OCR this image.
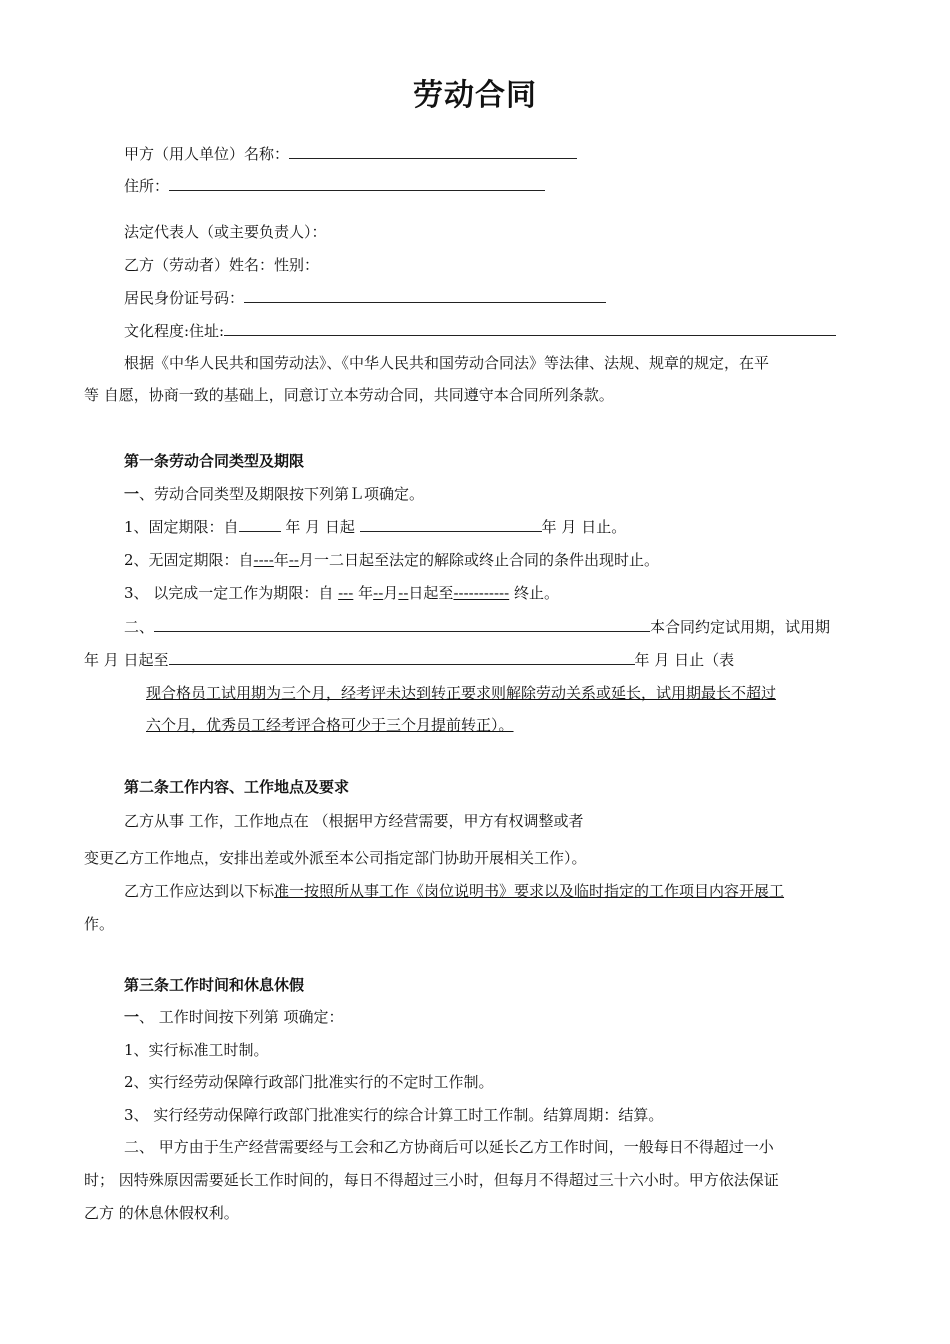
劳动合同
甲方（用人单位）名称：
住所：
法定代表人（或主要负责人）：
乙方（劳动者）姓名：性别：
居民身份证号码：
文化程度:住址:
根据《中华人民共和国劳动法》、《中华人民共和国劳动合同法》等法律、法规、规章的规定，在平
等 自愿，协商一致的基础上，同意订立本劳动合同，共同遵守本合同所列条款。
第一条劳动合同类型及期限
一、劳动合同类型及期限按下列第Ｌ项确定。
1、固定期限：自	年 月 日起	年 月 日止。
2、无固定期限：自----年--月一二日起至法定的解除或终止合同的条件出现时止。
3、 以完成一定工作为期限：自 --- 年--月--日起至----------- 终止。
二、	本合同约定试用期，试用期
年 月 日起至	年 月 日止（表
现合格员工试用期为三个月，经考评未达到转正要求则解除劳动关系或延长，试用期最长不超过
六个月，优秀员工经考评合格可少于三个月提前转正）。
第二条工作内容、工作地点及要求
乙方从事 工作，工作地点在 （根据甲方经营需要，甲方有权调整或者
变更乙方工作地点，安排出差或外派至本公司指定部门协助开展相关工作）。
乙方工作应达到以下标准一按照所从事工作《岗位说明书》要求以及临时指定的工作项目内容开展工
作。
第三条工作时间和休息休假
一、 工作时间按下列第 项确定：
1、实行标准工时制。
2、实行经劳动保障行政部门批准实行的不定时工作制。
3、 实行经劳动保障行政部门批准实行的综合计算工时工作制。结算周期：结算。
二、 甲方由于生产经营需要经与工会和乙方协商后可以延长乙方工作时间，一般每日不得超过一小
时； 因特殊原因需要延长工作时间的，每日不得超过三小时，但每月不得超过三十六小时。甲方依法保证
乙方 的休息休假权利。
